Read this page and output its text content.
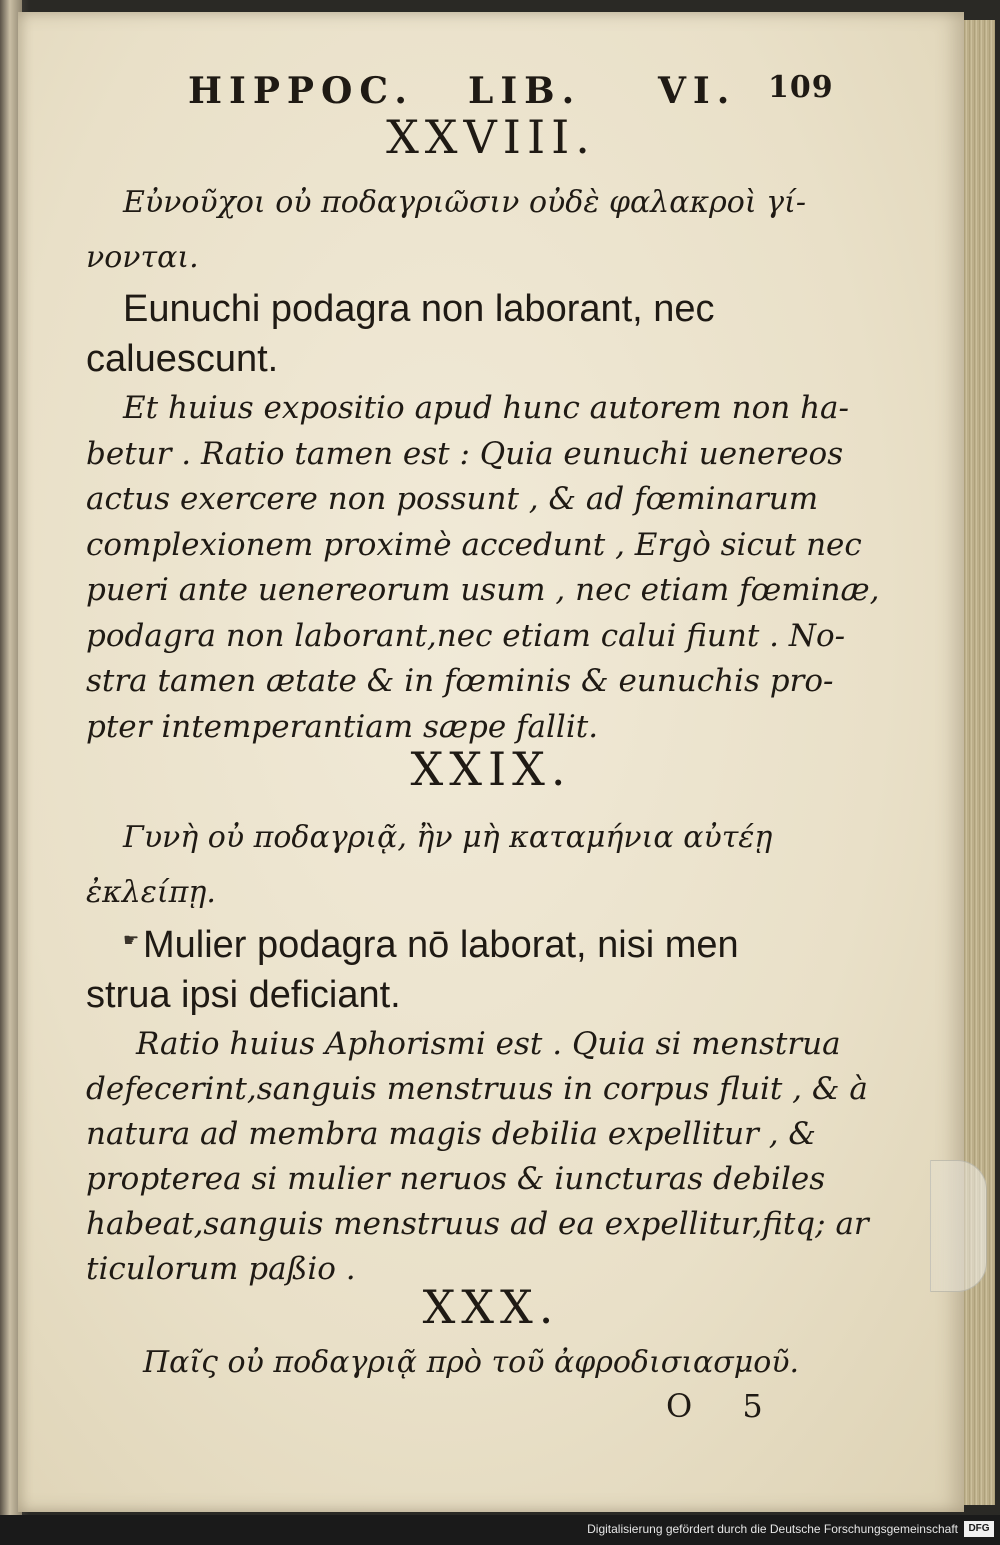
HIPPOC. LIB. VI. 109
XXVIII.
Εὐνοῦχοι οὐ ποδαγριῶσιν οὐδὲ φαλακροὶ γί-
νονται.
Eunuchi podagra non laborant, nec
caluescunt.
Et huius expositio apud hunc autorem non ha-
betur . Ratio tamen est : Quia eunuchi uenereos
actus exercere non possunt , & ad fœminarum
complexionem proximè accedunt , Ergò sicut nec
pueri ante uenereorum usum , nec etiam fœminæ,
podagra non laborant,nec etiam calui fiunt . No-
stra tamen ætate & in fœminis & eunuchis pro-
pter intemperantiam sæpe fallit.
XXIX.
Γυνὴ οὐ ποδαγριᾷ, ἢν μὴ καταμήνια αὐτέῃ
ἐκλείπῃ.
☛ Mulier podagra nō laborat, nisi men
strua ipsi deficiant.
Ratio huius Aphorismi est . Quia si menstrua
defecerint,sanguis menstruus in corpus fluit , & à
natura ad membra magis debilia expellitur , &
propterea si mulier neruos & iuncturas debiles
habeat,sanguis menstruus ad ea expellitur,fitq; ar
ticulorum paßio .
XXX.
Παῖς οὐ ποδαγριᾷ πρὸ τοῦ ἀφροδισιασμοῦ.
O 5
Digitalisierung gefördert durch die Deutsche Forschungsgemeinschaft	DFG
